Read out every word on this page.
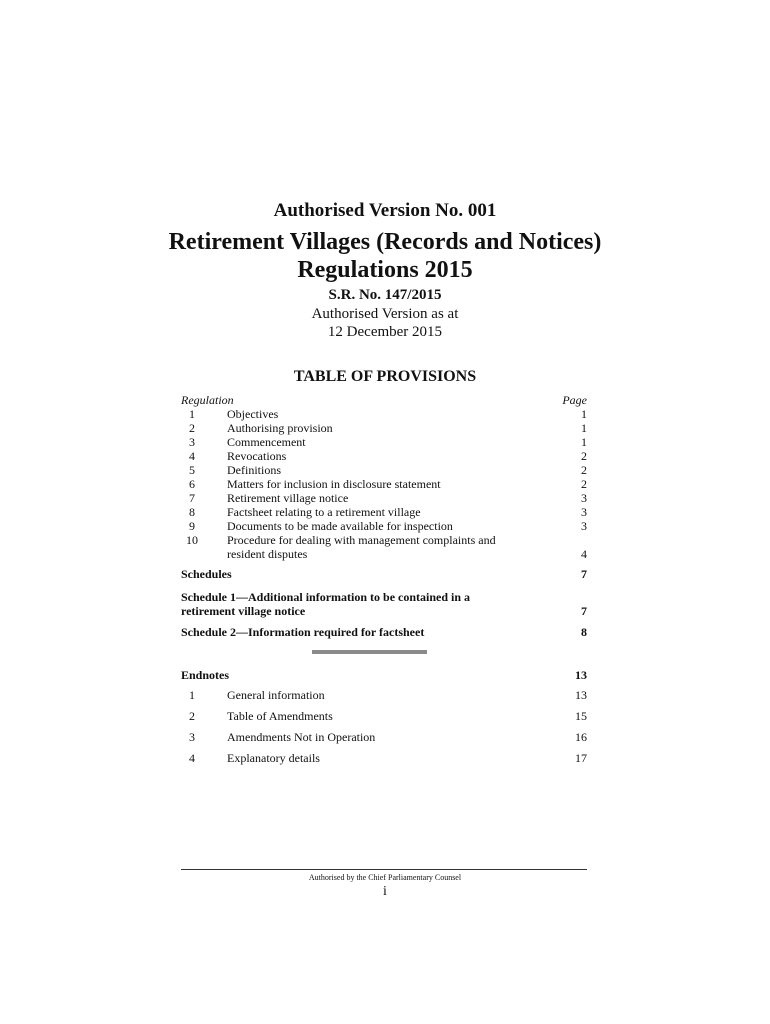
Authorised Version No. 001
Retirement Villages (Records and Notices)
Regulations 2015
S.R. No. 147/2015
Authorised Version as at
12 December 2015
TABLE OF PROVISIONS
Regulation	Page
1	Objectives	1
2	Authorising provision	1
3	Commencement	1
4	Revocations	2
5	Definitions	2
6	Matters for inclusion in disclosure statement	2
7	Retirement village notice	3
8	Factsheet relating to a retirement village	3
9	Documents to be made available for inspection	3
10	Procedure for dealing with management complaints and resident disputes	4
Schedules	7
Schedule 1—Additional information to be contained in a retirement village notice	7
Schedule 2—Information required for factsheet	8
Endnotes	13
1	General information	13
2	Table of Amendments	15
3	Amendments Not in Operation	16
4	Explanatory details	17
Authorised by the Chief Parliamentary Counsel
i
